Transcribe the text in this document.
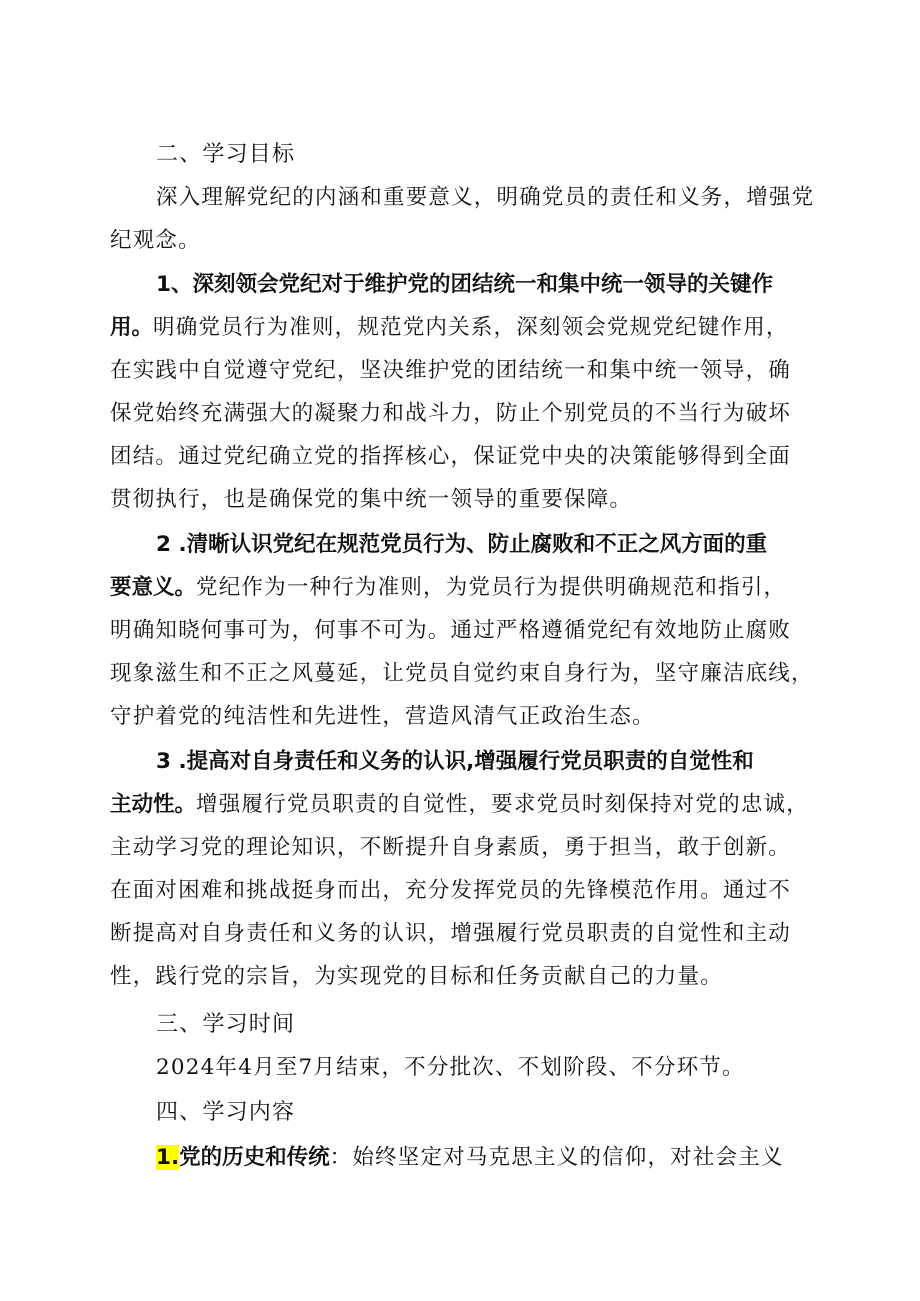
二、学习目标
深入理解党纪的内涵和重要意义，明确党员的责任和义务，增强党
纪观念。
1、深刻领会党纪对于维护党的团结统一和集中统一领导的关键作
用。明确党员行为准则，规范党内关系，深刻领会党规党纪键作用，
在实践中自觉遵守党纪，坚决维护党的团结统一和集中统一领导，确
保党始终充满强大的凝聚力和战斗力，防止个别党员的不当行为破坏
团结。通过党纪确立党的指挥核心，保证党中央的决策能够得到全面
贯彻执行，也是确保党的集中统一领导的重要保障。
2 .清晰认识党纪在规范党员行为、防止腐败和不正之风方面的重
要意义。党纪作为一种行为准则，为党员行为提供明确规范和指引，
明确知晓何事可为，何事不可为。通过严格遵循党纪有效地防止腐败
现象滋生和不正之风蔓延，让党员自觉约束自身行为，坚守廉洁底线，
守护着党的纯洁性和先进性，营造风清气正政治生态。
3 .提高对自身责任和义务的认识,增强履行党员职责的自觉性和
主动性。增强履行党员职责的自觉性，要求党员时刻保持对党的忠诚，
主动学习党的理论知识，不断提升自身素质，勇于担当，敢于创新。
在面对困难和挑战挺身而出，充分发挥党员的先锋模范作用。通过不
断提高对自身责任和义务的认识，增强履行党员职责的自觉性和主动
性，践行党的宗旨，为实现党的目标和任务贡献自己的力量。
三、学习时间
2024年4月至7月结束，不分批次、不划阶段、不分环节。
四、学习内容
1.党的历史和传统：始终坚定对马克思主义的信仰，对社会主义
